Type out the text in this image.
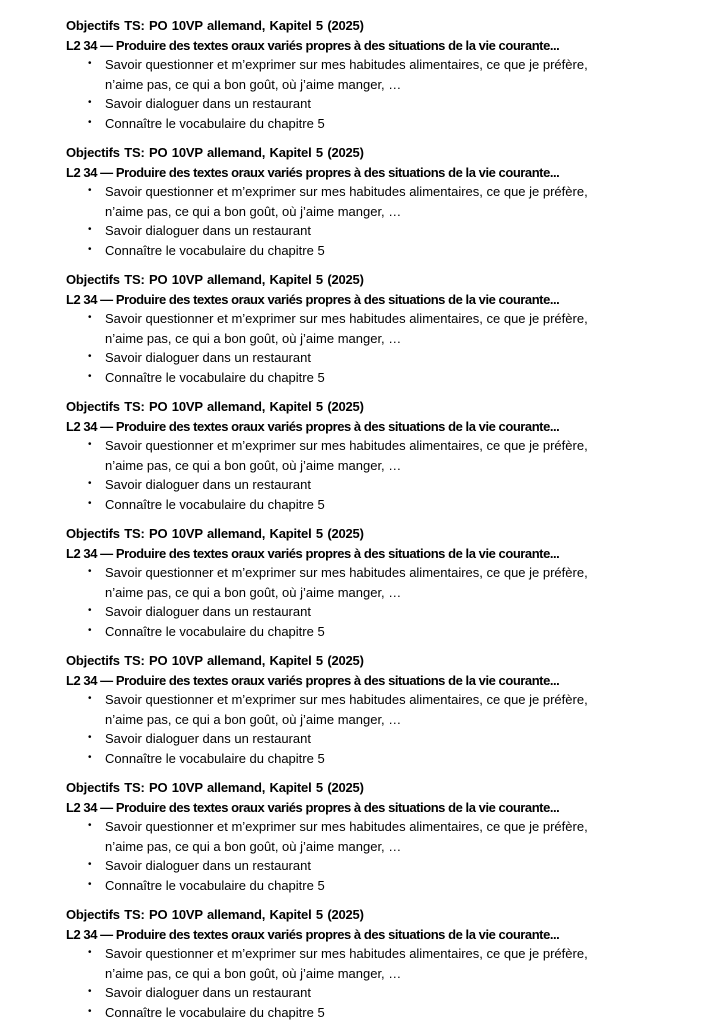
Objectifs TS: PO 10VP allemand, Kapitel 5 (2025)
L2 34 — Produire des textes oraux variés propres à des situations de la vie courante...
• Savoir questionner et m’exprimer sur mes habitudes alimentaires, ce que je préfère,
n’aime pas, ce qui a bon goût, où j’aime manger, …
• Savoir dialoguer dans un restaurant
• Connaître le vocabulaire du chapitre 5
Objectifs TS: PO 10VP allemand, Kapitel 5 (2025)
L2 34 — Produire des textes oraux variés propres à des situations de la vie courante...
• Savoir questionner et m’exprimer sur mes habitudes alimentaires, ce que je préfère,
n’aime pas, ce qui a bon goût, où j’aime manger, …
• Savoir dialoguer dans un restaurant
• Connaître le vocabulaire du chapitre 5
Objectifs TS: PO 10VP allemand, Kapitel 5 (2025)
L2 34 — Produire des textes oraux variés propres à des situations de la vie courante...
• Savoir questionner et m’exprimer sur mes habitudes alimentaires, ce que je préfère,
n’aime pas, ce qui a bon goût, où j’aime manger, …
• Savoir dialoguer dans un restaurant
• Connaître le vocabulaire du chapitre 5
Objectifs TS: PO 10VP allemand, Kapitel 5 (2025)
L2 34 — Produire des textes oraux variés propres à des situations de la vie courante...
• Savoir questionner et m’exprimer sur mes habitudes alimentaires, ce que je préfère,
n’aime pas, ce qui a bon goût, où j’aime manger, …
• Savoir dialoguer dans un restaurant
• Connaître le vocabulaire du chapitre 5
Objectifs TS: PO 10VP allemand, Kapitel 5 (2025)
L2 34 — Produire des textes oraux variés propres à des situations de la vie courante...
• Savoir questionner et m’exprimer sur mes habitudes alimentaires, ce que je préfère,
n’aime pas, ce qui a bon goût, où j’aime manger, …
• Savoir dialoguer dans un restaurant
• Connaître le vocabulaire du chapitre 5
Objectifs TS: PO 10VP allemand, Kapitel 5 (2025)
L2 34 — Produire des textes oraux variés propres à des situations de la vie courante...
• Savoir questionner et m’exprimer sur mes habitudes alimentaires, ce que je préfère,
n’aime pas, ce qui a bon goût, où j’aime manger, …
• Savoir dialoguer dans un restaurant
• Connaître le vocabulaire du chapitre 5
Objectifs TS: PO 10VP allemand, Kapitel 5 (2025)
L2 34 — Produire des textes oraux variés propres à des situations de la vie courante...
• Savoir questionner et m’exprimer sur mes habitudes alimentaires, ce que je préfère,
n’aime pas, ce qui a bon goût, où j’aime manger, …
• Savoir dialoguer dans un restaurant
• Connaître le vocabulaire du chapitre 5
Objectifs TS: PO 10VP allemand, Kapitel 5 (2025)
L2 34 — Produire des textes oraux variés propres à des situations de la vie courante...
• Savoir questionner et m’exprimer sur mes habitudes alimentaires, ce que je préfère,
n’aime pas, ce qui a bon goût, où j’aime manger, …
• Savoir dialoguer dans un restaurant
• Connaître le vocabulaire du chapitre 5
